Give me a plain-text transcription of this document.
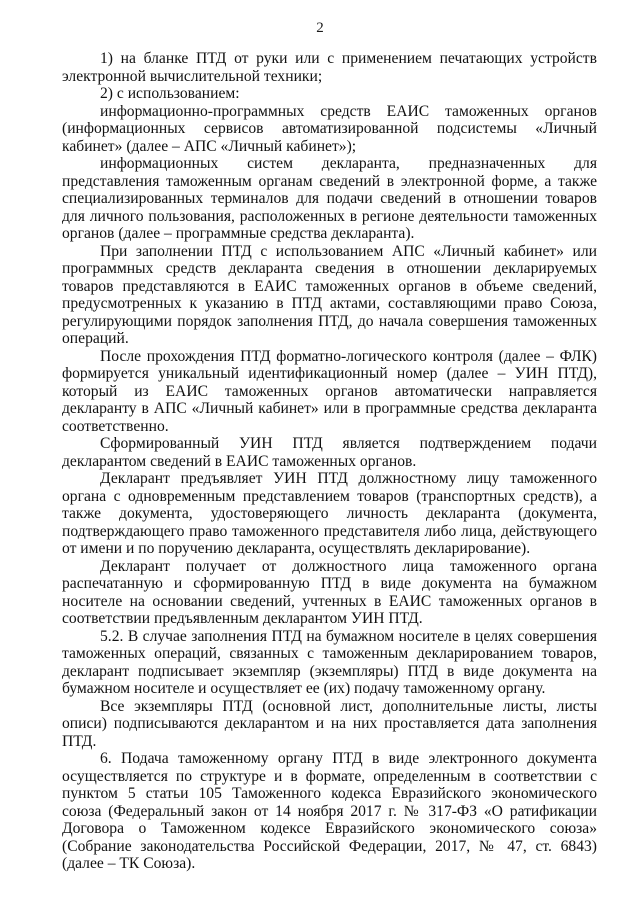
2

1) на бланке ПТД от руки или с применением печатающих устройств электронной вычислительной техники;

2) с использованием:

информационно-программных средств ЕАИС таможенных органов (информационных сервисов автоматизированной подсистемы «Личный кабинет» (далее – АПС «Личный кабинет»);

информационных систем декларанта, предназначенных для представления таможенным органам сведений в электронной форме, а также специализированных терминалов для подачи сведений в отношении товаров для личного пользования, расположенных в регионе деятельности таможенных органов (далее – программные средства декларанта).

При заполнении ПТД с использованием АПС «Личный кабинет» или программных средств декларанта сведения в отношении декларируемых товаров представляются в ЕАИС таможенных органов в объеме сведений, предусмотренных к указанию в ПТД актами, составляющими право Союза, регулирующими порядок заполнения ПТД, до начала совершения таможенных операций.

После прохождения ПТД форматно-логического контроля (далее – ФЛК) формируется уникальный идентификационный номер (далее – УИН ПТД), который из ЕАИС таможенных органов автоматически направляется декларанту в АПС «Личный кабинет» или в программные средства декларанта соответственно.

Сформированный УИН ПТД является подтверждением подачи декларантом сведений в ЕАИС таможенных органов.

Декларант предъявляет УИН ПТД должностному лицу таможенного органа с одновременным представлением товаров (транспортных средств), а также документа, удостоверяющего личность декларанта (документа, подтверждающего право таможенного представителя либо лица, действующего от имени и по поручению декларанта, осуществлять декларирование).

Декларант получает от должностного лица таможенного органа распечатанную и сформированную ПТД в виде документа на бумажном носителе на основании сведений, учтенных в ЕАИС таможенных органов в соответствии предъявленным декларантом УИН ПТД.

5.2. В случае заполнения ПТД на бумажном носителе в целях совершения таможенных операций, связанных с таможенным декларированием товаров, декларант подписывает экземпляр (экземпляры) ПТД в виде документа на бумажном носителе и осуществляет ее (их) подачу таможенному органу.

Все экземпляры ПТД (основной лист, дополнительные листы, листы описи) подписываются декларантом и на них проставляется дата заполнения ПТД.

6. Подача таможенному органу ПТД в виде электронного документа осуществляется по структуре и в формате, определенным в соответствии с пунктом 5 статьи 105 Таможенного кодекса Евразийского экономического союза (Федеральный закон от 14 ноября 2017 г. № 317-ФЗ «О ратификации Договора о Таможенном кодексе Евразийского экономического союза» (Собрание законодательства Российской Федерации, 2017, № 47, ст. 6843) (далее – ТК Союза).
